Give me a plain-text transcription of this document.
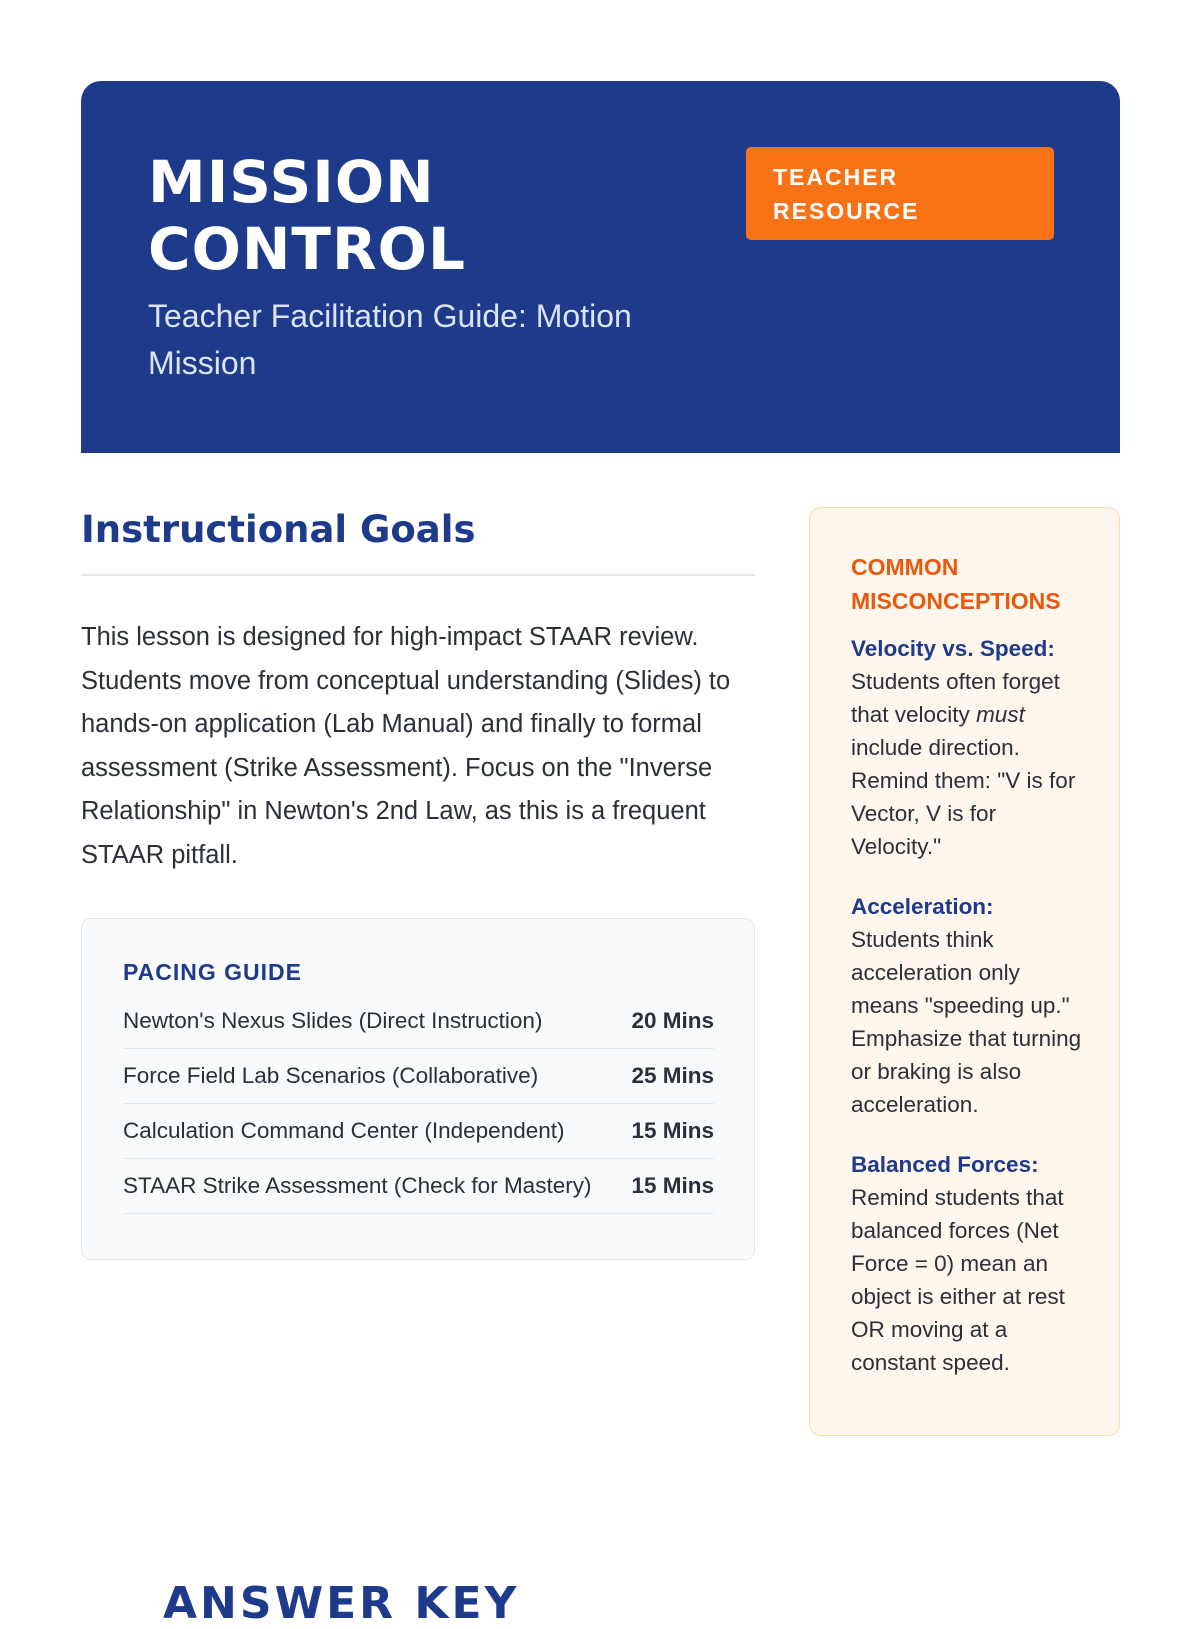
MISSION
CONTROL
Teacher Facilitation Guide: Motion Mission
TEACHER
RESOURCE
Instructional Goals

This lesson is designed for high-impact STAAR review. Students move from conceptual understanding (Slides) to hands-on application (Lab Manual) and finally to formal assessment (Strike Assessment). Focus on the "Inverse Relationship" in Newton's 2nd Law, as this is a frequent STAAR pitfall.

PACING GUIDE
Newton's Nexus Slides (Direct Instruction)	20 Mins
Force Field Lab Scenarios (Collaborative)	25 Mins
Calculation Command Center (Independent)	15 Mins
STAAR Strike Assessment (Check for Mastery) 15 Mins
COMMON MISCONCEPTIONS
Velocity vs. Speed:
Students often forget that velocity must include direction. Remind them: "V is for Vector, V is for Velocity."
Acceleration:
Students think acceleration only means "speeding up." Emphasize that turning or braking is also acceleration.
Balanced Forces:
Remind students that balanced forces (Net Force = 0) mean an object is either at rest OR moving at a constant speed.
ANSWER KEY
